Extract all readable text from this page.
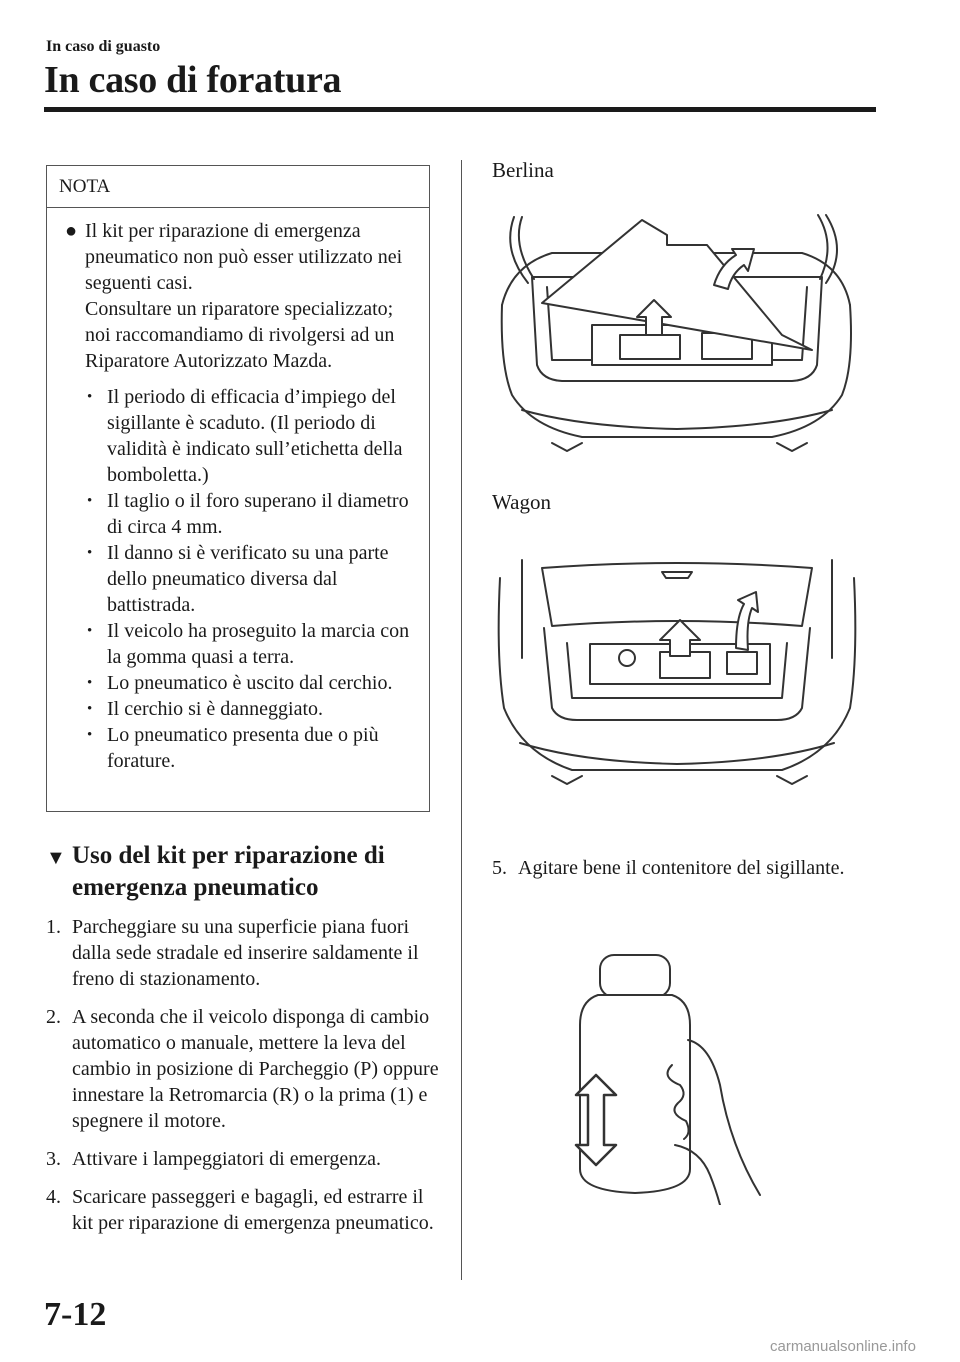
In caso di guasto
In caso di foratura
NOTA
● Il kit per riparazione di emergenza pneumatico non può esser utilizzato nei seguenti casi.
Consultare un riparatore specializzato; noi raccomandiamo di rivolgersi ad un Riparatore Autorizzato Mazda.
• Il periodo di efficacia d’impiego del sigillante è scaduto. (Il periodo di validità è indicato sull’etichetta della bomboletta.)
• Il taglio o il foro superano il diametro di circa 4 mm.
• Il danno si è verificato su una parte dello pneumatico diversa dal battistrada.
• Il veicolo ha proseguito la marcia con la gomma quasi a terra.
• Lo pneumatico è uscito dal cerchio.
• Il cerchio si è danneggiato.
• Lo pneumatico presenta due o più forature.
▼ Uso del kit per riparazione di emergenza pneumatico
1. Parcheggiare su una superficie piana fuori dalla sede stradale ed inserire saldamente il freno di stazionamento.
2. A seconda che il veicolo disponga di cambio automatico o manuale, mettere la leva del cambio in posizione di Parcheggio (P) oppure innestare la Retromarcia (R) o la prima (1) e spegnere il motore.
3. Attivare i lampeggiatori di emergenza.
4. Scaricare passeggeri e bagagli, ed estrarre il kit per riparazione di emergenza pneumatico.
Berlina
Wagon
5. Agitare bene il contenitore del sigillante.
7-12
carmanualsonline.info
